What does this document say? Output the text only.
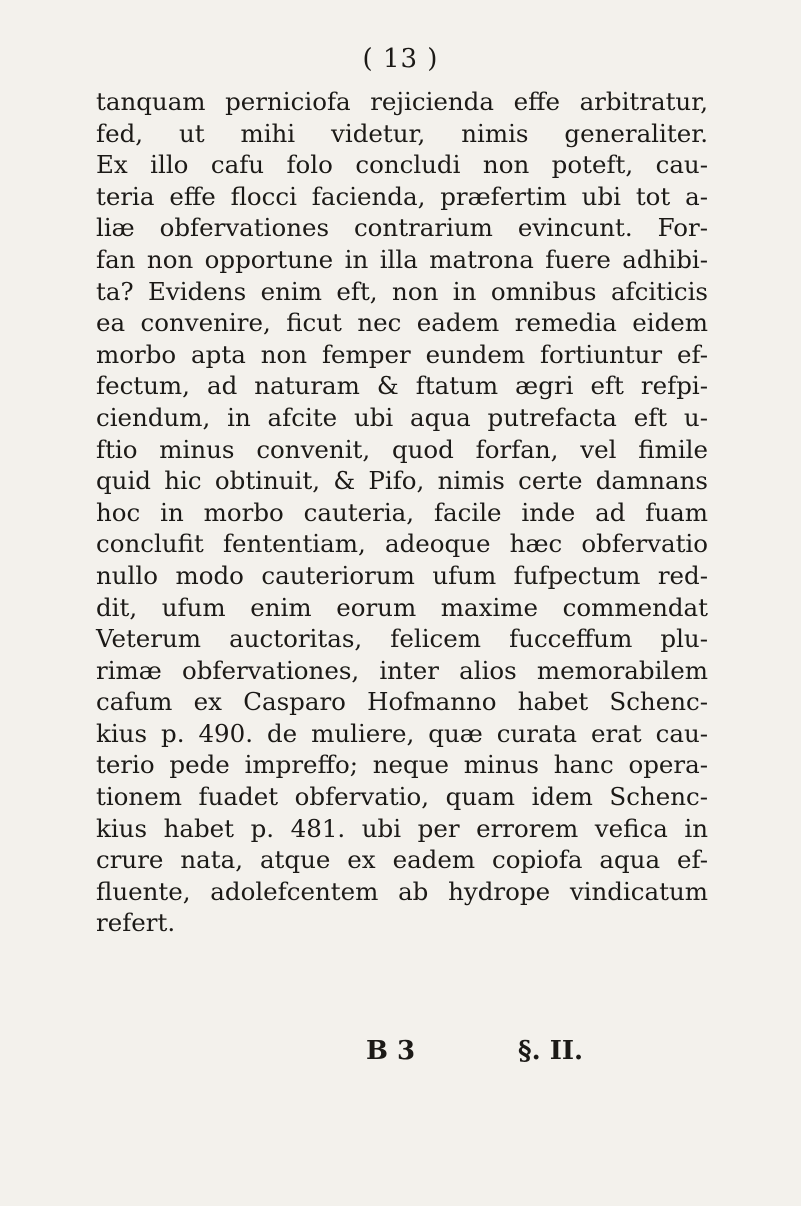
( 13 )
tanquam perniciofa rejicienda effe arbitratur,
fed, ut mihi videtur, nimis generaliter.
Ex illo cafu folo concludi non poteft, cau-
teria effe flocci facienda, præfertim ubi tot a-
liæ obfervationes contrarium evincunt. For-
fan non opportune in illa matrona fuere adhibi-
ta? Evidens enim eft, non in omnibus afciticis
ea convenire, ficut nec eadem remedia eidem
morbo apta non femper eundem fortiuntur ef-
fectum, ad naturam & ftatum ægri eft refpi-
ciendum, in afcite ubi aqua putrefacta eft u-
ftio minus convenit, quod forfan, vel fimile
quid hic obtinuit, & Pifo, nimis certe damnans
hoc in morbo cauteria, facile inde ad fuam
conclufit fententiam, adeoque hæc obfervatio
nullo modo cauteriorum ufum fufpectum red-
dit, ufum enim eorum maxime commendat
Veterum auctoritas, felicem fucceffum plu-
rimæ obfervationes, inter alios memorabilem
cafum ex Casparo Hofmanno habet Schenc-
kius p. 490. de muliere, quæ curata erat cau-
terio pede impreffo; neque minus hanc opera-
tionem fuadet obfervatio, quam idem Schenc-
kius habet p. 481. ubi per errorem vefica in
crure nata, atque ex eadem copiofa aqua ef-
fluente, adolefcentem ab hydrope vindicatum
refert.
B 3	§. II.
